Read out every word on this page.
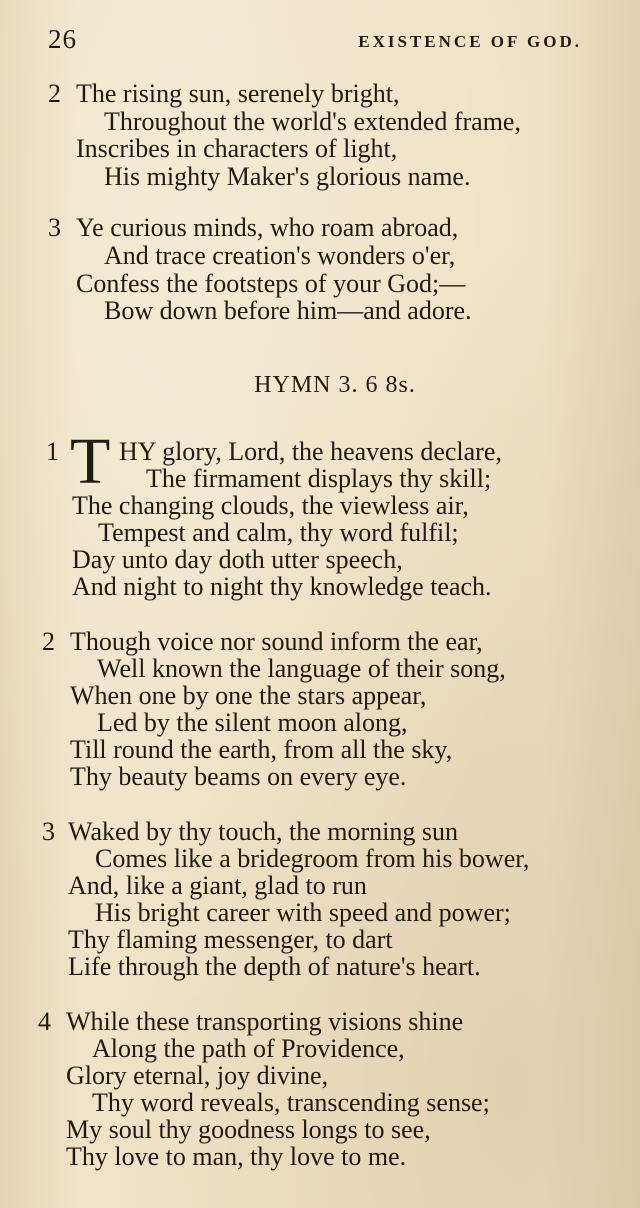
26	EXISTENCE OF GOD.
2 The rising sun, serenely bright,
Throughout the world's extended frame,
Inscribes in characters of light,
His mighty Maker's glorious name.
3 Ye curious minds, who roam abroad,
And trace creation's wonders o'er,
Confess the footsteps of your God;—
Bow down before him—and adore.
HYMN 3. 6 8s.
1 T HY glory, Lord, the heavens declare,
The firmament displays thy skill;
The changing clouds, the viewless air,
Tempest and calm, thy word fulfil;
Day unto day doth utter speech,
And night to night thy knowledge teach.
2 Though voice nor sound inform the ear,
Well known the language of their song,
When one by one the stars appear,
Led by the silent moon along,
Till round the earth, from all the sky,
Thy beauty beams on every eye.
3 Waked by thy touch, the morning sun
Comes like a bridegroom from his bower,
And, like a giant, glad to run
His bright career with speed and power;
Thy flaming messenger, to dart
Life through the depth of nature's heart.
4 While these transporting visions shine
Along the path of Providence,
Glory eternal, joy divine,
Thy word reveals, transcending sense;
My soul thy goodness longs to see,
Thy love to man, thy love to me.
